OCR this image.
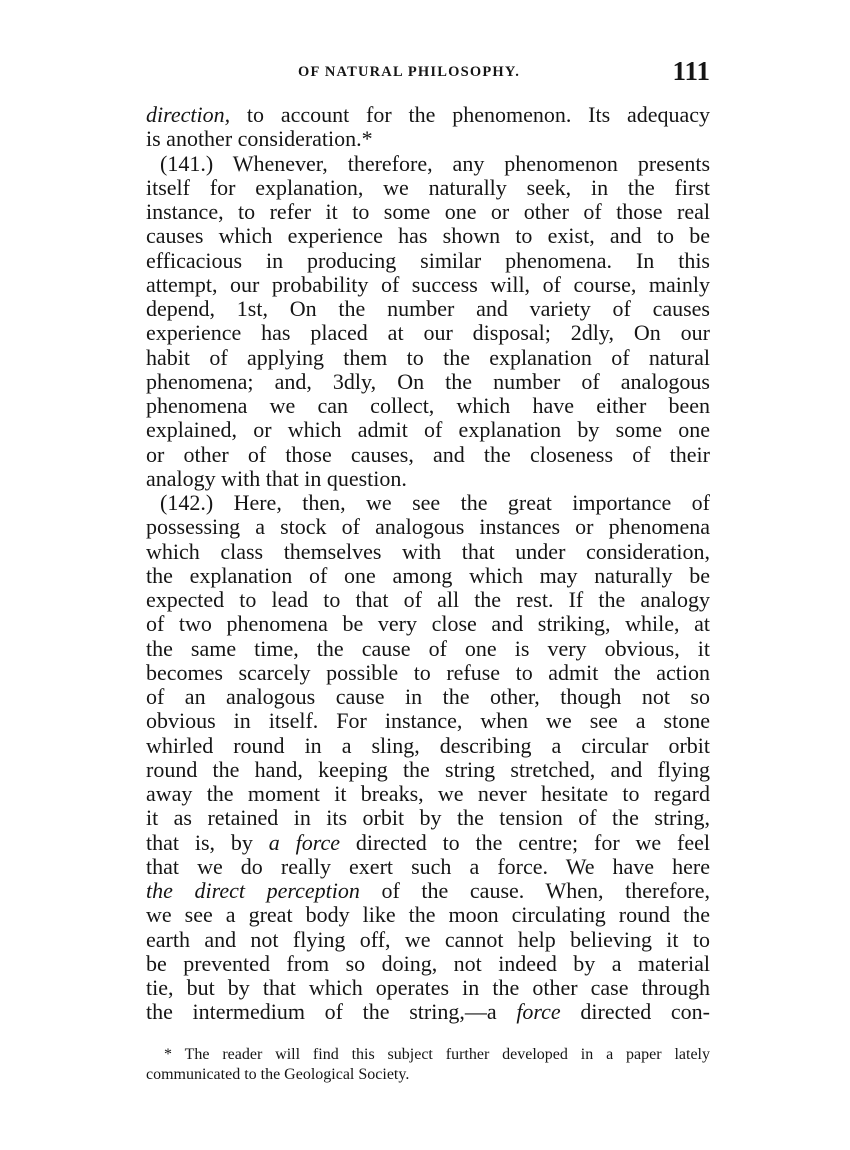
OF NATURAL PHILOSOPHY.	111
direction, to account for the phenomenon. Its adequacy
is another consideration.*
(141.) Whenever, therefore, any phenomenon presents
itself for explanation, we naturally seek, in the first
instance, to refer it to some one or other of those real
causes which experience has shown to exist, and to be
efficacious in producing similar phenomena. In this
attempt, our probability of success will, of course, mainly
depend, 1st, On the number and variety of causes
experience has placed at our disposal; 2dly, On our
habit of applying them to the explanation of natural
phenomena; and, 3dly, On the number of analogous
phenomena we can collect, which have either been
explained, or which admit of explanation by some one
or other of those causes, and the closeness of their
analogy with that in question.
(142.) Here, then, we see the great importance of
possessing a stock of analogous instances or phenomena
which class themselves with that under consideration,
the explanation of one among which may naturally be
expected to lead to that of all the rest. If the analogy
of two phenomena be very close and striking, while, at
the same time, the cause of one is very obvious, it
becomes scarcely possible to refuse to admit the action
of an analogous cause in the other, though not so
obvious in itself. For instance, when we see a stone
whirled round in a sling, describing a circular orbit
round the hand, keeping the string stretched, and flying
away the moment it breaks, we never hesitate to regard
it as retained in its orbit by the tension of the string,
that is, by a force directed to the centre; for we feel
that we do really exert such a force. We have here
the direct perception of the cause. When, therefore,
we see a great body like the moon circulating round the
earth and not flying off, we cannot help believing it to
be prevented from so doing, not indeed by a material
tie, but by that which operates in the other case through
the intermedium of the string,—a force directed con-
* The reader will find this subject further developed in a paper lately
communicated to the Geological Society.
